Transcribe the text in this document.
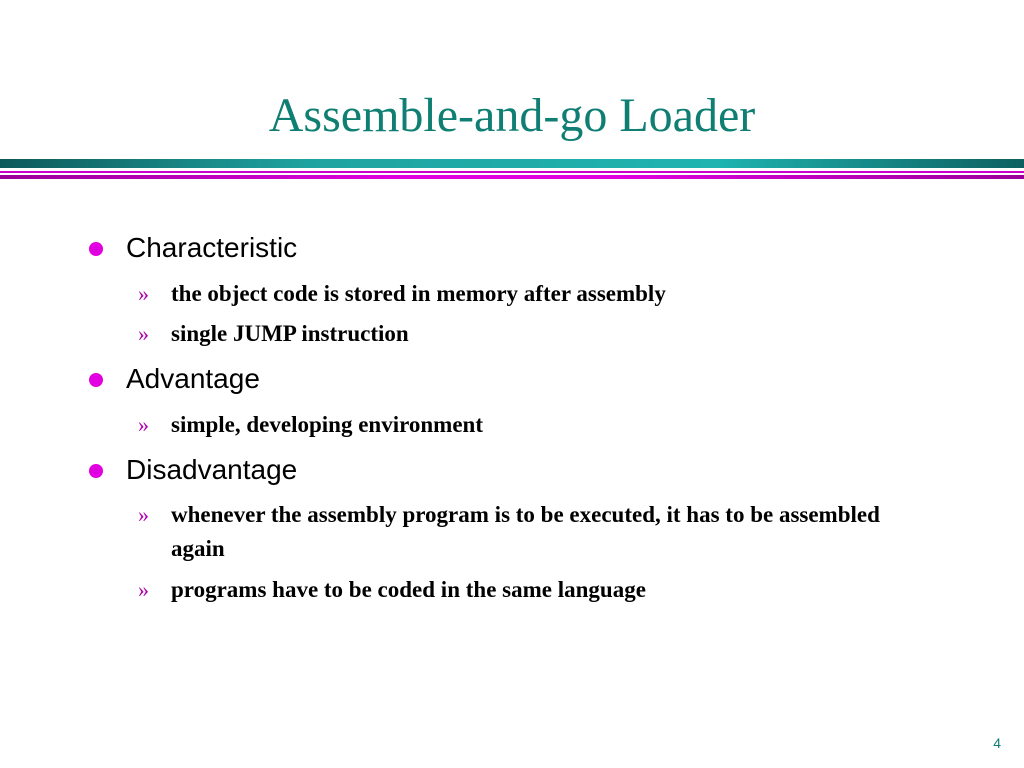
Assemble-and-go Loader
Characteristic
» the object code is stored in memory after assembly
» single JUMP instruction
Advantage
» simple, developing environment
Disadvantage
» whenever the assembly program is to be executed, it has to be assembled again
» programs have to be coded in the same language
4
